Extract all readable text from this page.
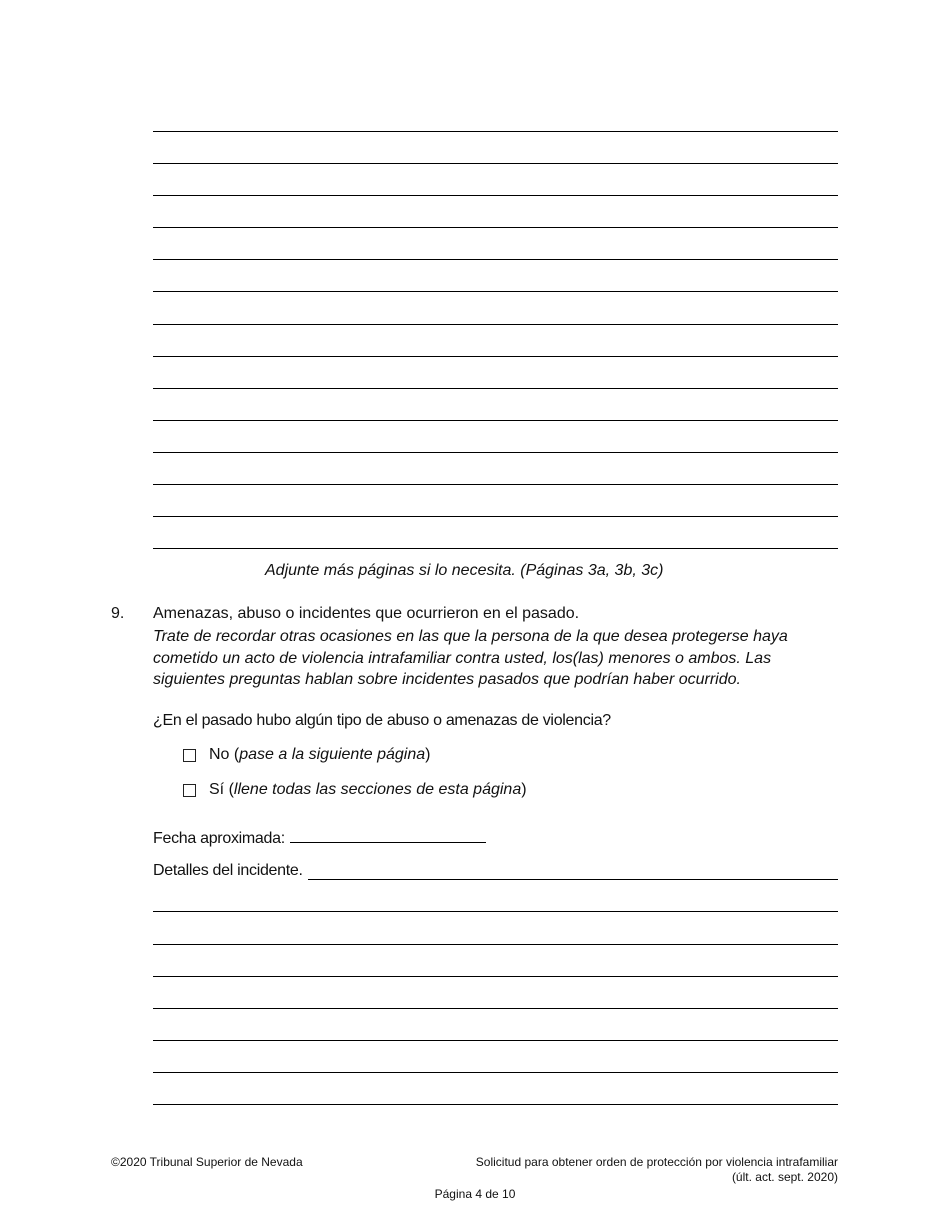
Adjunte más páginas si lo necesita. (Páginas 3a, 3b, 3c)
9. Amenazas, abuso o incidentes que ocurrieron en el pasado.
Trate de recordar otras ocasiones en las que la persona de la que desea protegerse haya cometido un acto de violencia intrafamiliar contra usted, los(las) menores o ambos. Las siguientes preguntas hablan sobre incidentes pasados que podrían haber ocurrido.
¿En el pasado hubo algún tipo de abuso o amenazas de violencia?
No (pase a la siguiente página)
Sí (llene todas las secciones de esta página)
Fecha aproximada:
Detalles del incidente.
©2020 Tribunal Superior de Nevada	Solicitud para obtener orden de protección por violencia intrafamiliar
(últ. act. sept. 2020)
Página 4 de 10
